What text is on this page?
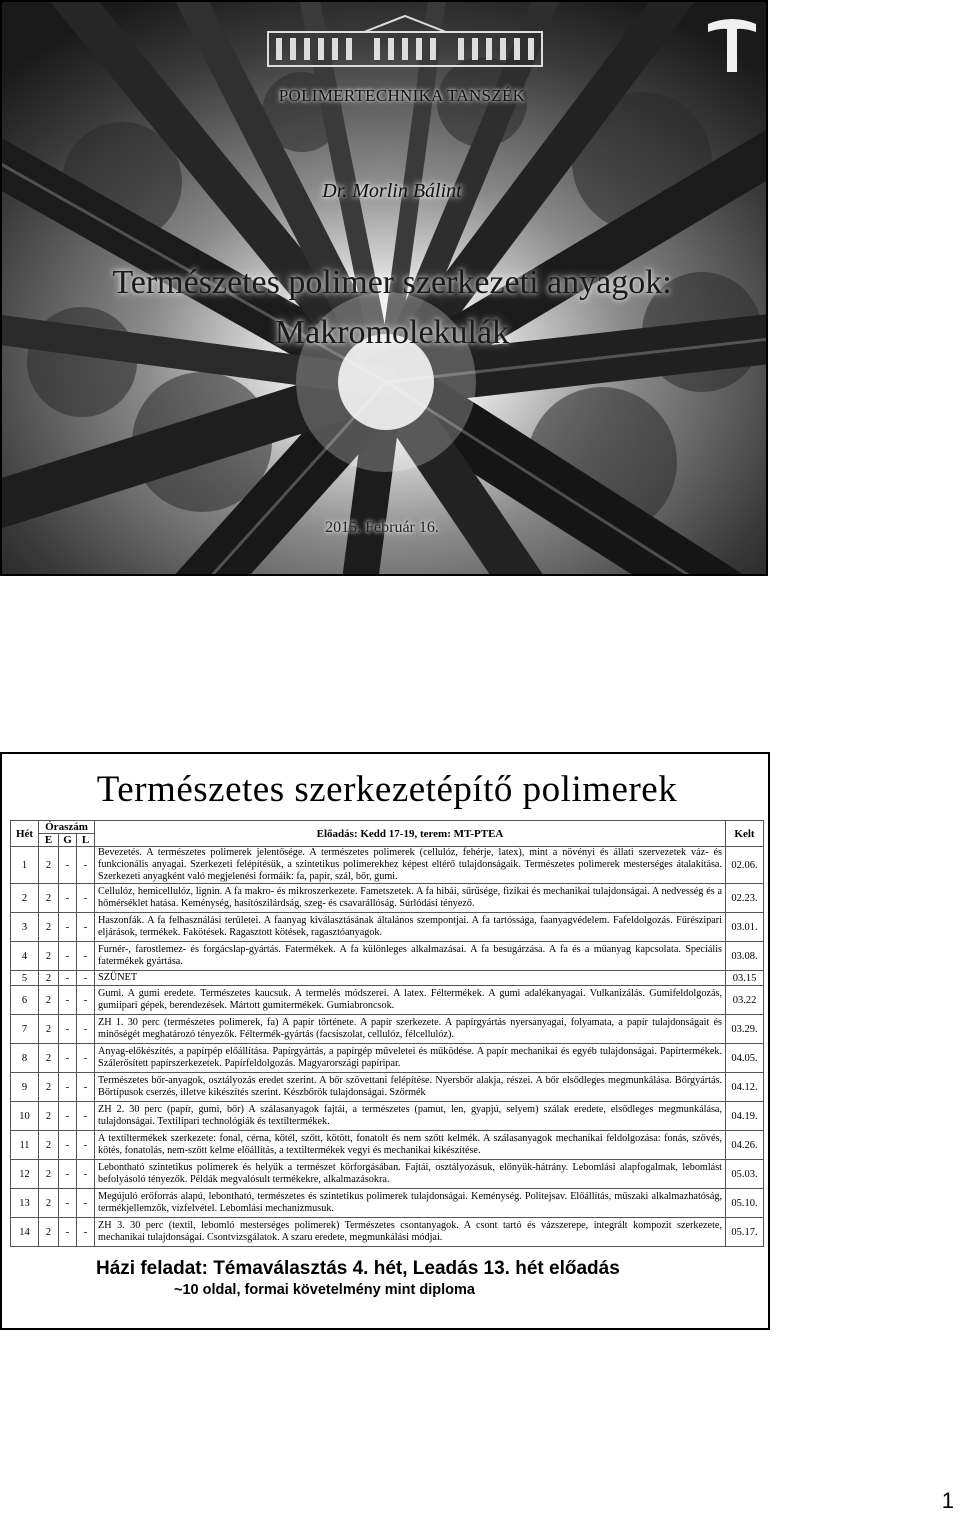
POLIMERTECHNIKA TANSZÉK
Dr. Morlin Bálint
Természetes polimer szerkezeti anyagok:
Makromolekulák
2015. Február 16.
Természetes szerkezetépítő polimerek
Hét	Óraszám			Előadás: Kedd 17-19, terem: MT-PTEA	Kelt
	E	G	L		
1	2	-	-	Bevezetés. A természetes polimerek jelentősége. A természetes polimerek (cellulóz, fehérje, latex), mint a növényi és állati szervezetek váz- és funkcionális anyagai. Szerkezeti felépítésük, a szintetikus polimerekhez képest eltérő tulajdonságaik. Természetes polimerek mesterséges átalakítása. Szerkezeti anyagként való megjelenési formáik: fa, papír, szál, bőr, gumi.	02.06.
2	2	-	-	Cellulóz, hemicellulóz, lignin. A fa makro- és mikroszerkezete. Fametszetek. A fa hibái, sűrűsége, fizikai és mechanikai tulajdonságai. A nedvesség és a hőmérséklet hatása. Keménység, hasítószilárdság, szeg- és csavarállóság. Súrlódási tényező.	02.23.
3	2	-	-	Haszonfák. A fa felhasználási területei. A faanyag kiválasztásának általános szempontjai. A fa tartóssága, faanyagvédelem. Fafeldolgozás. Fűrészipari eljárások, termékek. Fakötések. Ragasztott kötések, ragasztóanyagok.	03.01.
4	2	-	-	Furnér-, farostlemez- és forgácslap-gyártás. Fatermékek. A fa különleges alkalmazásai. A fa besugárzása. A fa és a műanyag kapcsolata. Speciális fatermékek gyártása.	03.08.
5	2	-	-	SZÜNET	03.15
6	2	-	-	Gumi. A gumi eredete. Természetes kaucsuk. A termelés módszerei. A latex. Féltermékek. A gumi adalékanyagai. Vulkanizálás. Gumifeldolgozás, gumiipari gépek, berendezések. Mártott gumitermékek. Gumiabroncsok.	03.22
7	2	-	-	ZH 1. 30 perc (természetes polimerek, fa) A papír története. A papír szerkezete. A papírgyártás nyersanyagai, folyamata, a papír tulajdonságait és minőségét meghatározó tényezők. Féltermék-gyártás (facsiszolat, cellulóz, félcellulóz).	03.29.
8	2	-	-	Anyag-előkészítés, a papírpép előállítása. Papírgyártás, a papírgép műveletei és működése. A papír mechanikai és egyéb tulajdonságai. Papírtermékek. Szálerősített papírszerkezetek. Papírfeldolgozás. Magyarországi papíripar.	04.05.
9	2	-	-	Természetes bőr-anyagok, osztályozás eredet szerint. A bőr szövettani felépítése. Nyersbőr alakja, részei. A bőr elsődleges megmunkálása. Bőrgyártás. Bőrtípusok cserzés, illetve kikészítés szerint. Készbőrök tulajdonságai. Szőrmék	04.12.
10	2	-	-	ZH 2. 30 perc (papír, gumi, bőr) A szálasanyagok fajtái, a természetes (pamut, len, gyapjú, selyem) szálak eredete, elsődleges megmunkálása, tulajdonságai. Textilipari technológiák és textiltermékek.	04.19.
11	2	-	-	A textiltermékek szerkezete: fonal, cérna, kötél, szőtt, kötött, fonatolt és nem szőtt kelmék. A szálasanyagok mechanikai feldolgozása: fonás, szövés, kötés, fonatolás, nem-szőtt kelme előállítás, a textiltermékek vegyi és mechanikai kikészítése.	04.26.
12	2	-	-	Lebontható szintetikus polimerek és helyük a természet körforgásában. Fajtái, osztályozásuk, előnyük-hátrány. Lebomlási alapfogalmak, lebomlást befolyásoló tényezők. Példák megvalósult termékekre, alkalmazásokra.	05.03.
13	2	-	-	Megújuló erőforrás alapú, lebontható, természetes és szintetikus polimerek tulajdonságai. Keménység. Politejsav. Előállítás, műszaki alkalmazhatóság, termékjellemzők, vízfelvétel. Lebomlási mechanizmusuk.	05.10.
14	2	-	-	ZH 3. 30 perc (textil, lebomló mesterséges polimerek) Természetes csontanyagok. A csont tartó és vázszerepe, integrált kompozit szerkezete, mechanikai tulajdonságai. Csontvizsgálatok. A szaru eredete, megmunkálási módjai.	05.17.
Házi feladat: Témaválasztás 4. hét, Leadás 13. hét előadás
~10 oldal, formai követelmény mint diploma
1
